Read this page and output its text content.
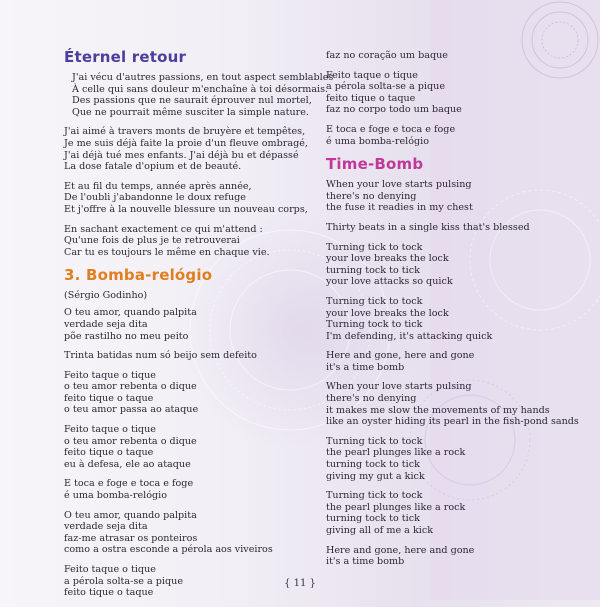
Éternel retour
J'ai vécu d'autres passions, en tout aspect semblables
À celle qui sans douleur m'enchaîne à toi désormais.
Des passions que ne saurait éprouver nul mortel,
Que ne pourrait même susciter la simple nature.
J'ai aimé à travers monts de bruyère et tempêtes,
Je me suis déjà faite la proie d'un fleuve ombragé,
J'ai déjà tué mes enfants. J'ai déjà bu et dépassé
La dose fatale d'opium et de beauté.
Et au fil du temps, année après année,
De l'oubli j'abandonne le doux refuge
Et j'offre à la nouvelle blessure un nouveau corps,
En sachant exactement ce qui m'attend :
Qu'une fois de plus je te retrouverai
Car tu es toujours le même en chaque vie.
3. Bomba-relógio
(Sérgio Godinho)
O teu amor, quando palpita
verdade seja dita
põe rastilho no meu peito
Trinta batidas num só beijo sem defeito
Feito taque o tique
o teu amor rebenta o dique
feito tique o taque
o teu amor passa ao ataque
Feito taque o tique
o teu amor rebenta o dique
feito tique o taque
eu à defesa, ele ao ataque
E toca e foge e toca e foge
é uma bomba-relógio
O teu amor, quando palpita
verdade seja dita
faz-me atrasar os ponteiros
como a ostra esconde a pérola aos viveiros
Feito taque o tique
a pérola solta-se a pique
feito tique o taque
faz no coração um baque
Feito taque o tique
a pérola solta-se a pique
feito tique o taque
faz no corpo todo um baque
E toca e foge e toca e foge
é uma bomba-relógio
Time-Bomb
When your love starts pulsing
there's no denying
the fuse it readies in my chest
Thirty beats in a single kiss that's blessed
Turning tick to tock
your love breaks the lock
turning tock to tick
your love attacks so quick
Turning tick to tock
your love breaks the lock
Turning tock to tick
I'm defending, it's attacking quick
Here and gone, here and gone
it's a time bomb
When your love starts pulsing
there's no denying
it makes me slow the movements of my hands
like an oyster hiding its pearl in the fish-pond sands
Turning tick to tock
the pearl plunges like a rock
turning tock to tick
giving my gut a kick
Turning tick to tock
the pearl plunges like a rock
turning tock to tick
giving all of me a kick
Here and gone, here and gone
it's a time bomb
{ 11 }
